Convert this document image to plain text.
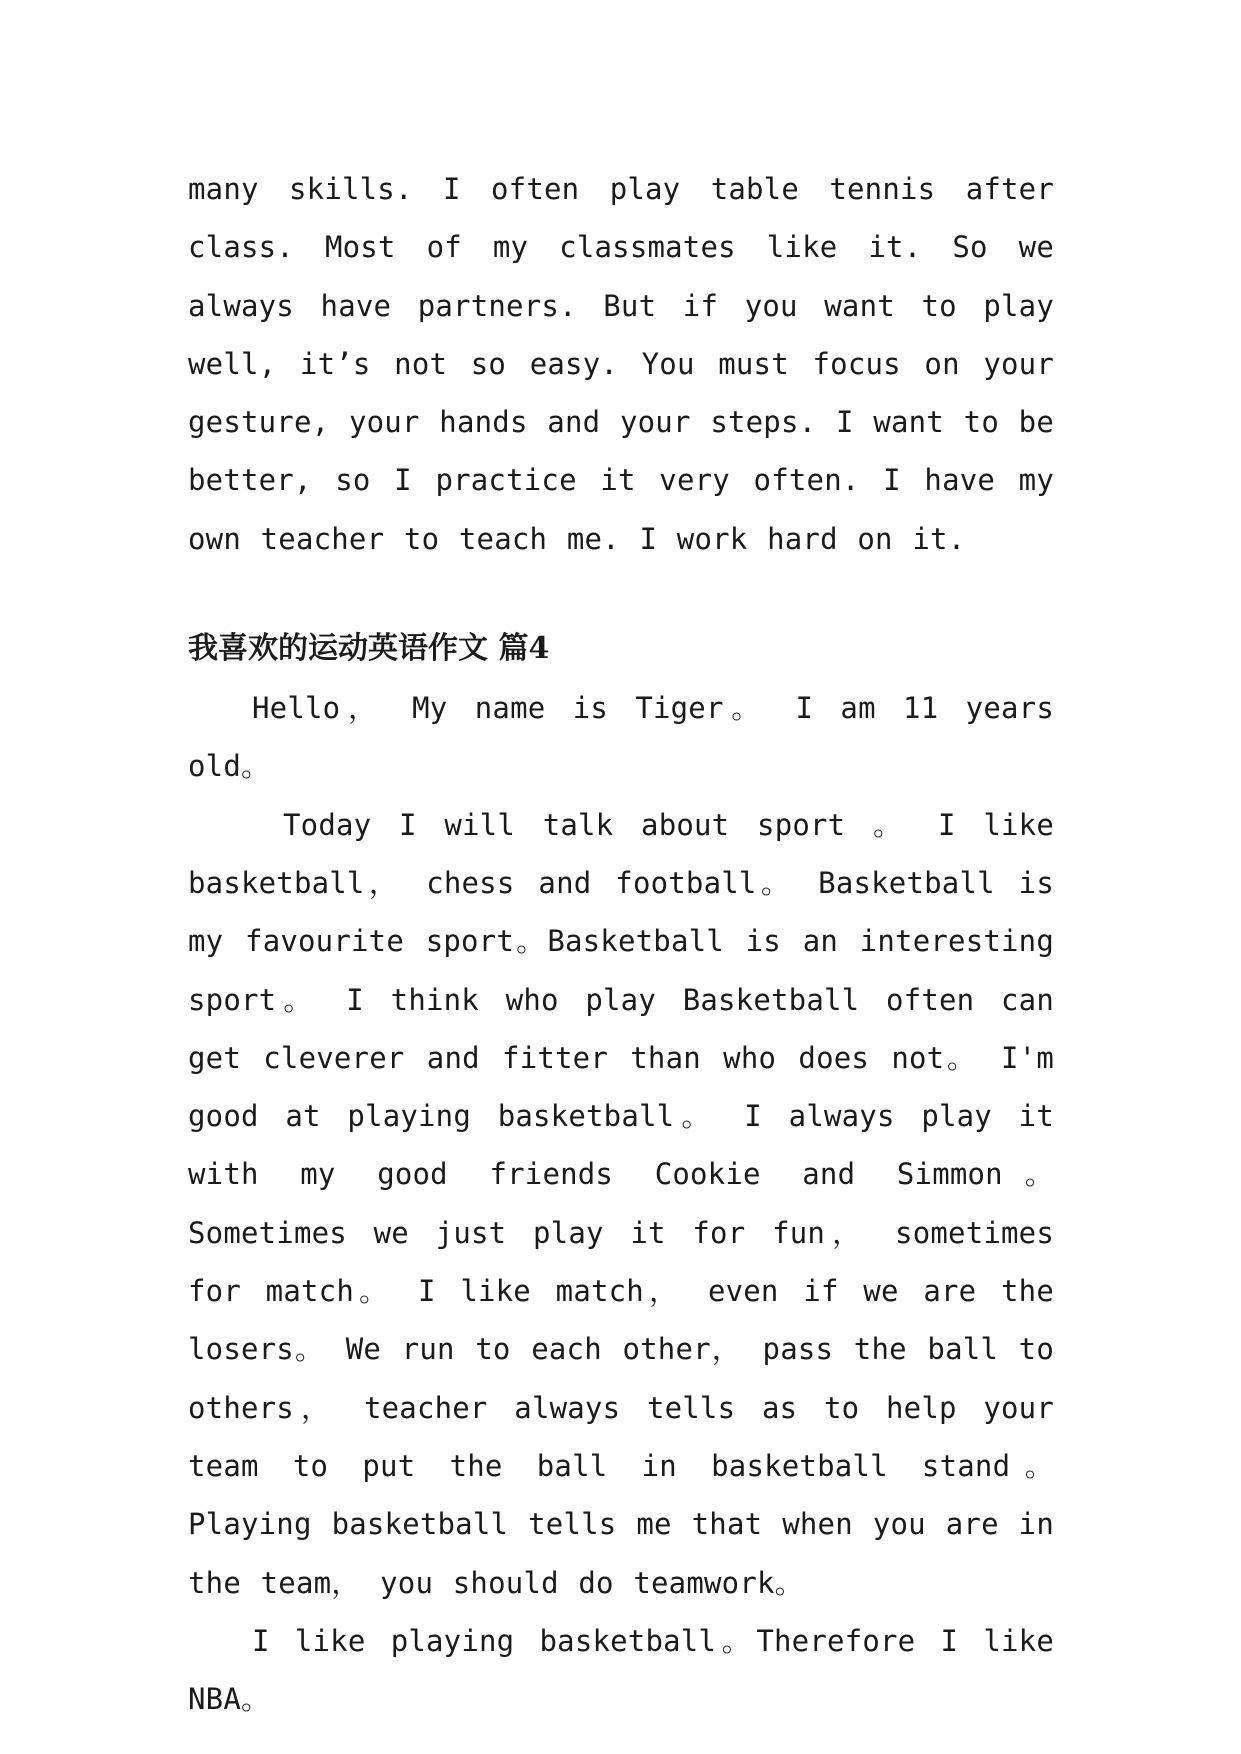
many skills. I often play table tennis after class. Most of my classmates like it. So we always have partners. But if you want to play well, it’s not so easy. You must focus on your gesture, your hands and your steps. I want to be better, so I practice it very often. I have my own teacher to teach me. I work hard on it.

我喜欢的运动英语作文 篇4

Hello， My name is Tiger。 I am 11 years old。

Today I will talk about sport 。 I like basketball， chess and football。 Basketball is my favourite sport。Basketball is an interesting sport。 I think who play Basketball often can get cleverer and fitter than who does not。 I'm good at playing basketball。 I always play it with my good friends Cookie and Simmon。 Sometimes we just play it for fun， sometimes for match。 I like match， even if we are the losers。 We run to each other， pass the ball to others， teacher always tells as to help your team to put the ball in basketball stand。 Playing basketball tells me that when you are in the team， you should do teamwork。

I like playing basketball。Therefore I like NBA。
